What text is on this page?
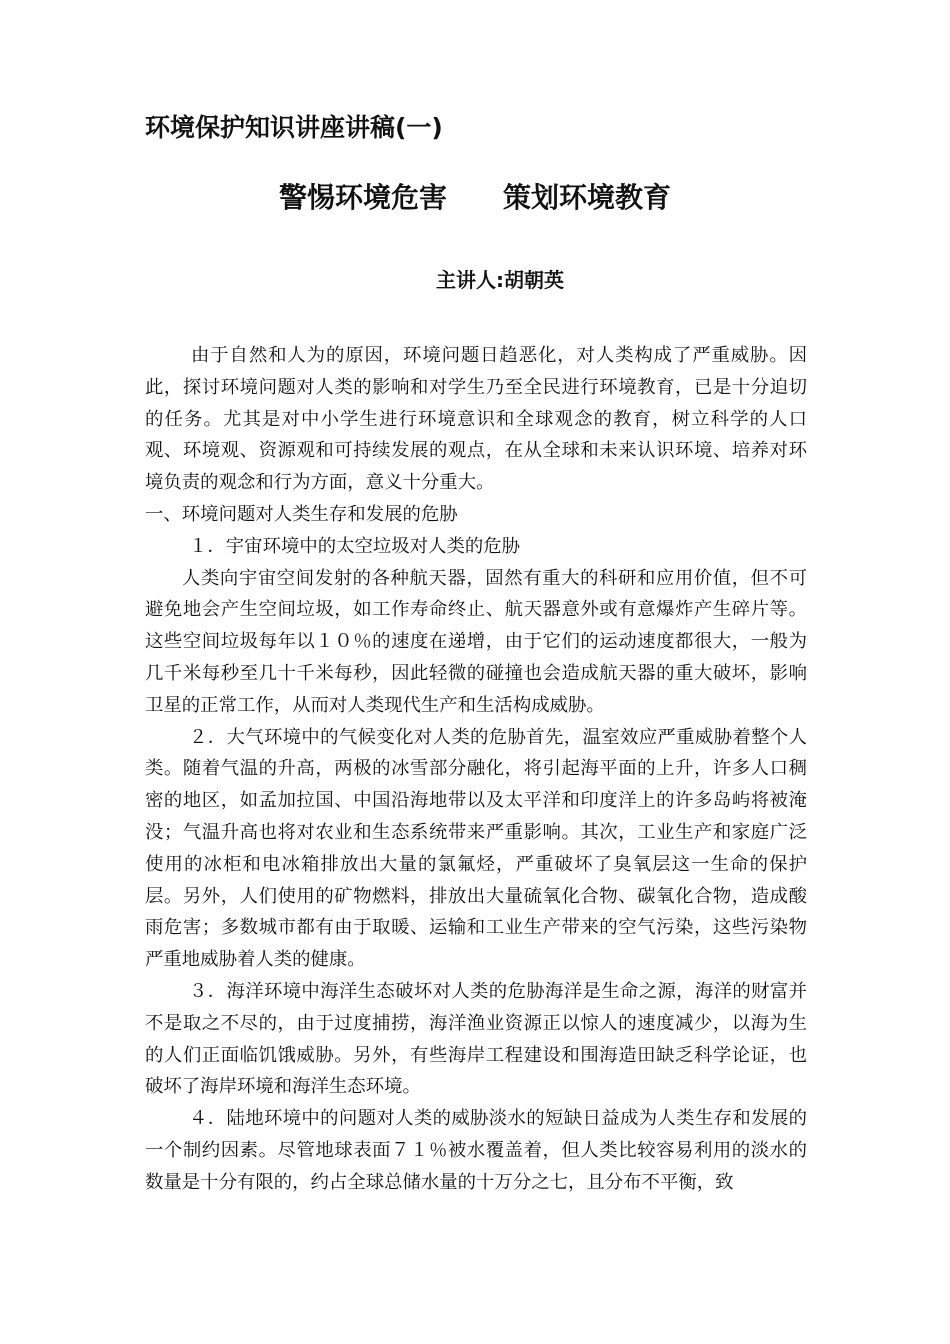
环境保护知识讲座讲稿(一)
警惕环境危害 策划环境教育
主讲人:胡朝英

由于自然和人为的原因，环境问题日趋恶化，对人类构成了严重威胁。因此，探讨环境问题对人类的影响和对学生乃至全民进行环境教育，已是十分迫切的任务。尤其是对中小学生进行环境意识和全球观念的教育，树立科学的人口观、环境观、资源观和可持续发展的观点，在从全球和未来认识环境、培养对环境负责的观念和行为方面，意义十分重大。

一、环境问题对人类生存和发展的危胁

１．宇宙环境中的太空垃圾对人类的危胁

人类向宇宙空间发射的各种航天器，固然有重大的科研和应用价值，但不可避免地会产生空间垃圾，如工作寿命终止、航天器意外或有意爆炸产生碎片等。这些空间垃圾每年以１０％的速度在递增，由于它们的运动速度都很大，一般为几千米每秒至几十千米每秒，因此轻微的碰撞也会造成航天器的重大破坏，影响卫星的正常工作，从而对人类现代生产和生活构成威胁。

２．大气环境中的气候变化对人类的危胁首先，温室效应严重威胁着整个人类。随着气温的升高，两极的冰雪部分融化，将引起海平面的上升，许多人口稠密的地区，如孟加拉国、中国沿海地带以及太平洋和印度洋上的许多岛屿将被淹没；气温升高也将对农业和生态系统带来严重影响。其次，工业生产和家庭广泛使用的冰柜和电冰箱排放出大量的氯氟烃，严重破坏了臭氧层这一生命的保护层。另外，人们使用的矿物燃料，排放出大量硫氧化合物、碳氧化合物，造成酸雨危害；多数城市都有由于取暖、运输和工业生产带来的空气污染，这些污染物严重地威胁着人类的健康。

３．海洋环境中海洋生态破坏对人类的危胁海洋是生命之源，海洋的财富并不是取之不尽的，由于过度捕捞，海洋渔业资源正以惊人的速度减少，以海为生的人们正面临饥饿威胁。另外，有些海岸工程建设和围海造田缺乏科学论证，也破坏了海岸环境和海洋生态环境。

４．陆地环境中的问题对人类的威胁淡水的短缺日益成为人类生存和发展的一个制约因素。尽管地球表面７１％被水覆盖着，但人类比较容易利用的淡水的数量是十分有限的，约占全球总储水量的十万分之七，且分布不平衡，致
